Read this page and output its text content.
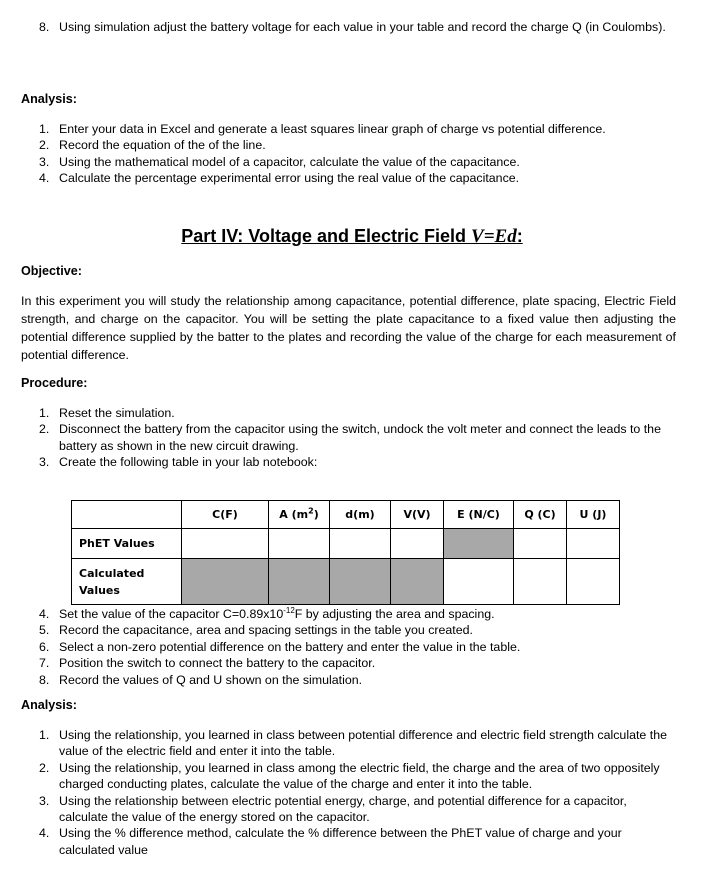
8. Using simulation adjust the battery voltage for each value in your table and record the charge Q (in Coulombs).
Analysis:
1. Enter your data in Excel and generate a least squares linear graph of charge vs potential difference.
2. Record the equation of the of the line.
3. Using the mathematical model of a capacitor, calculate the value of the capacitance.
4. Calculate the percentage experimental error using the real value of the capacitance.
Part IV: Voltage and Electric Field V=Ed:
Objective:
In this experiment you will study the relationship among capacitance, potential difference, plate spacing, Electric Field strength, and charge on the capacitor. You will be setting the plate capacitance to a fixed value then adjusting the potential difference supplied by the batter to the plates and recording the value of the charge for each measurement of potential difference.
Procedure:
1. Reset the simulation.
2. Disconnect the battery from the capacitor using the switch, undock the volt meter and connect the leads to the battery as shown in the new circuit drawing.
3. Create the following table in your lab notebook:
	C(F)	A $(m^2)$	d(m)	V(V)	E (N/C)	Q (C)	U (J)
PhET Values							
Calculated
Values							
4. Set the value of the capacitor $C=0.89x10^{-12}F$ by adjusting the area and spacing.
5. Record the capacitance, area and spacing settings in the table you created.
6. Select a non-zero potential difference on the battery and enter the value in the table.
7. Position the switch to connect the battery to the capacitor.
8. Record the values of Q and U shown on the simulation.
Analysis:
1. Using the relationship, you learned in class between potential difference and electric field strength calculate the value of the electric field and enter it into the table.
2. Using the relationship, you learned in class among the electric field, the charge and the area of two oppositely charged conducting plates, calculate the value of the charge and enter it into the table.
3. Using the relationship between electric potential energy, charge, and potential difference for a capacitor, calculate the value of the energy stored on the capacitor.
4. Using the % difference method, calculate the % difference between the PhET value of charge and your calculated value
